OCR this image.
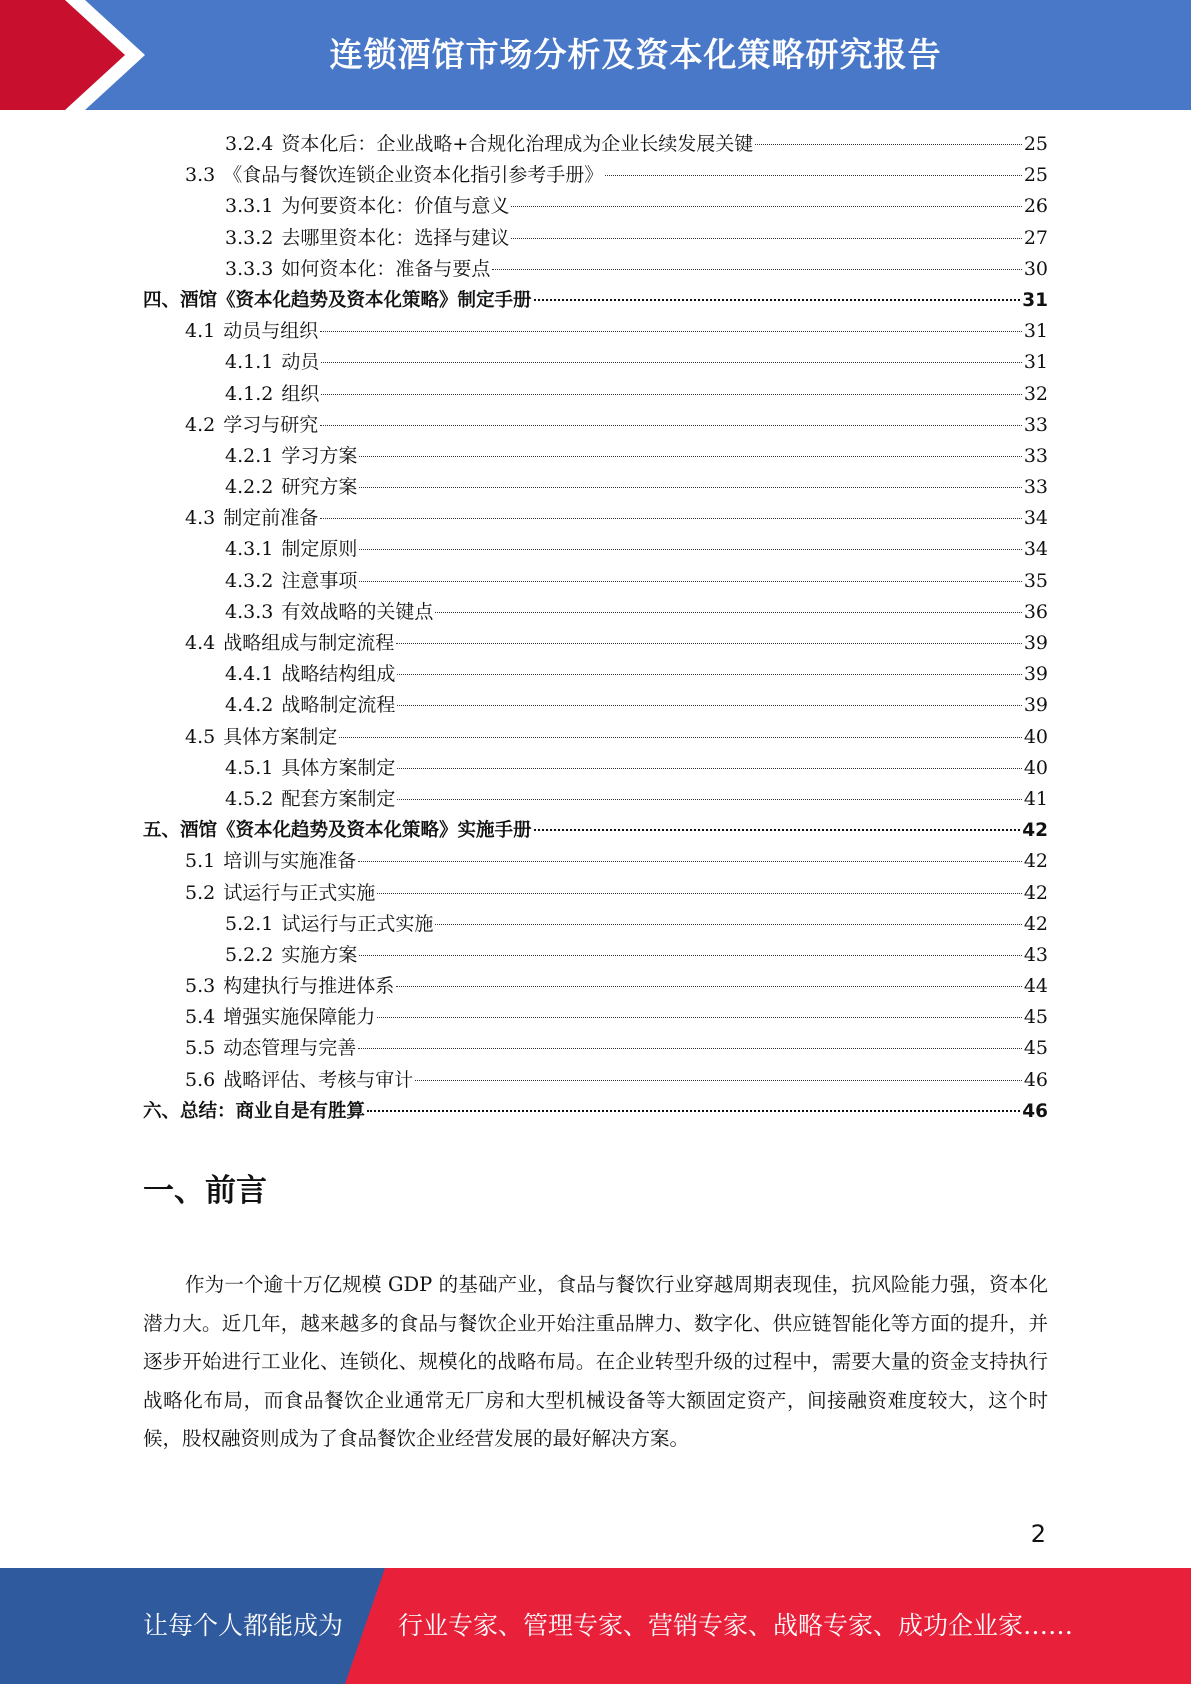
连锁酒馆市场分析及资本化策略研究报告
3.2.4 资本化后：企业战略+合规化治理成为企业长续发展关键	25
3.3 《食品与餐饮连锁企业资本化指引参考手册》	25
3.3.1 为何要资本化：价值与意义	26
3.3.2 去哪里资本化：选择与建议	27
3.3.3 如何资本化：准备与要点	30
四、酒馆《资本化趋势及资本化策略》制定手册	31
4.1 动员与组织	31
4.1.1 动员	31
4.1.2 组织	32
4.2 学习与研究	33
4.2.1 学习方案	33
4.2.2 研究方案	33
4.3 制定前准备	34
4.3.1 制定原则	34
4.3.2 注意事项	35
4.3.3 有效战略的关键点	36
4.4 战略组成与制定流程	39
4.4.1 战略结构组成	39
4.4.2 战略制定流程	39
4.5 具体方案制定	40
4.5.1 具体方案制定	40
4.5.2 配套方案制定	41
五、酒馆《资本化趋势及资本化策略》实施手册	42
5.1 培训与实施准备	42
5.2 试运行与正式实施	42
5.2.1 试运行与正式实施	42
5.2.2 实施方案	43
5.3 构建执行与推进体系	44
5.4 增强实施保障能力	45
5.5 动态管理与完善	45
5.6 战略评估、考核与审计	46
六、总结：商业自是有胜算	46
一、前言
作为一个逾十万亿规模 GDP 的基础产业，食品与餐饮行业穿越周期表现佳，抗风险能力强，资本化潜力大。近几年，越来越多的食品与餐饮企业开始注重品牌力、数字化、供应链智能化等方面的提升，并逐步开始进行工业化、连锁化、规模化的战略布局。在企业转型升级的过程中，需要大量的资金支持执行战略化布局，而食品餐饮企业通常无厂房和大型机械设备等大额固定资产，间接融资难度较大，这个时候，股权融资则成为了食品餐饮企业经营发展的最好解决方案。
2
让每个人都能成为 行业专家、管理专家、营销专家、战略专家、成功企业家……
